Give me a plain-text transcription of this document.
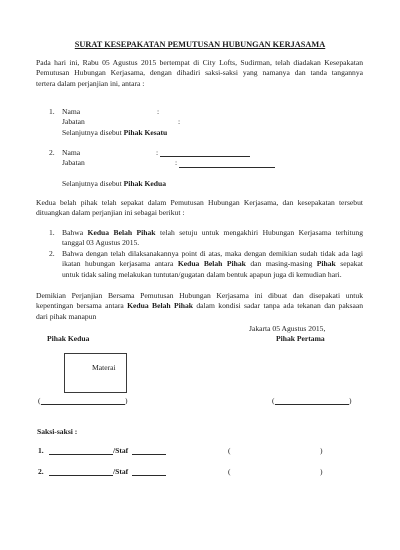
SURAT KESEPAKATAN PEMUTUSAN HUBUNGAN KERJASAMA
Pada hari ini, Rabu 05 Agustus 2015 bertempat di City Lofts, Sudirman, telah diadakan Kesepakatan
Pemutusan Hubungan Kerjasama, dengan dihadiri saksi-saksi yang namanya dan tanda tangannya
tertera dalam perjanjian ini, antara :
1. Nama	:
Jabatan	:
Selanjutnya disebut Pihak Kesatu
2. Nama	:
Jabatan	:
Selanjutnya disebut Pihak Kedua
Kedua belah pihak telah sepakat dalam Pemutusan Hubungan Kerjasama, dan kesepakatan tersebut
dituangkan dalam perjanjian ini sebagai berikut :
1. Bahwa Kedua Belah Pihak telah setuju untuk mengakhiri Hubungan Kerjasama terhitung
tanggal 03 Agustus 2015.
2. Bahwa dengan telah dilaksanakannya point di atas, maka dengan demikian sudah tidak ada lagi
ikatan hubungan kerjasama antara Kedua Belah Pihak dan masing-masing Pihak sepakat
untuk tidak saling melakukan tuntutan/gugatan dalam bentuk apapun juga di kemudian hari.
Demikian Perjanjian Bersama Pemutusan Hubungan Kerjasama ini dibuat dan disepakati untuk
kepentingan bersama antara Kedua Belah Pihak dalam kondisi sadar tanpa ada tekanan dan paksaan
dari pihak manapun
Jakarta 05 Agustus 2015,
Pihak Kedua	Pihak Pertama
Materai
(	)	(	)
Saksi-saksi :
1.	/Staf	(	)
2.	/Staf	(	)
